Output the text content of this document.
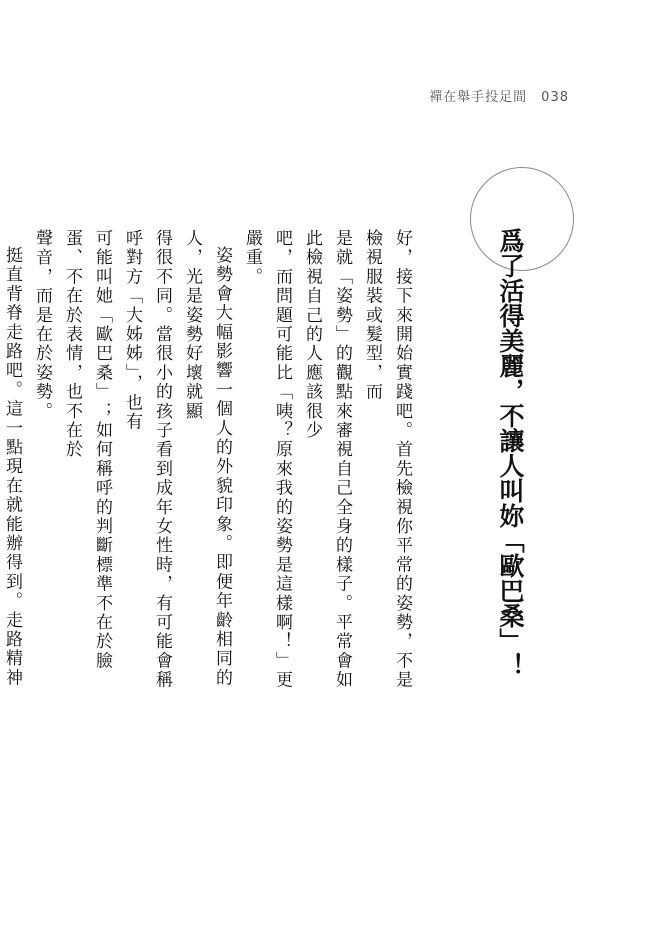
禪在舉手投足間 038
爲了活得美麗，不讓人叫妳「歐巴桑」！

好，接下來開始實踐吧。首先檢視你平常的姿勢，不是檢視服裝或髮型，而
是就「姿勢」的觀點來審視自己全身的樣子。平常會如此檢視自己的人應該很少
吧，而問題可能比「咦？原來我的姿勢是這樣啊！」更嚴重。

姿勢會大幅影響一個人的外貌印象。即便年齡相同的人，光是姿勢好壞就顯
得很不同。當很小的孩子看到成年女性時，有可能會稱呼對方「大姊姊」，也有
可能叫她「歐巴桑」；如何稱呼的判斷標準不在於臉蛋、不在於表情，也不在於
聲音，而是在於姿勢。

挺直背脊走路吧。這一點現在就能辦得到。走路精神
